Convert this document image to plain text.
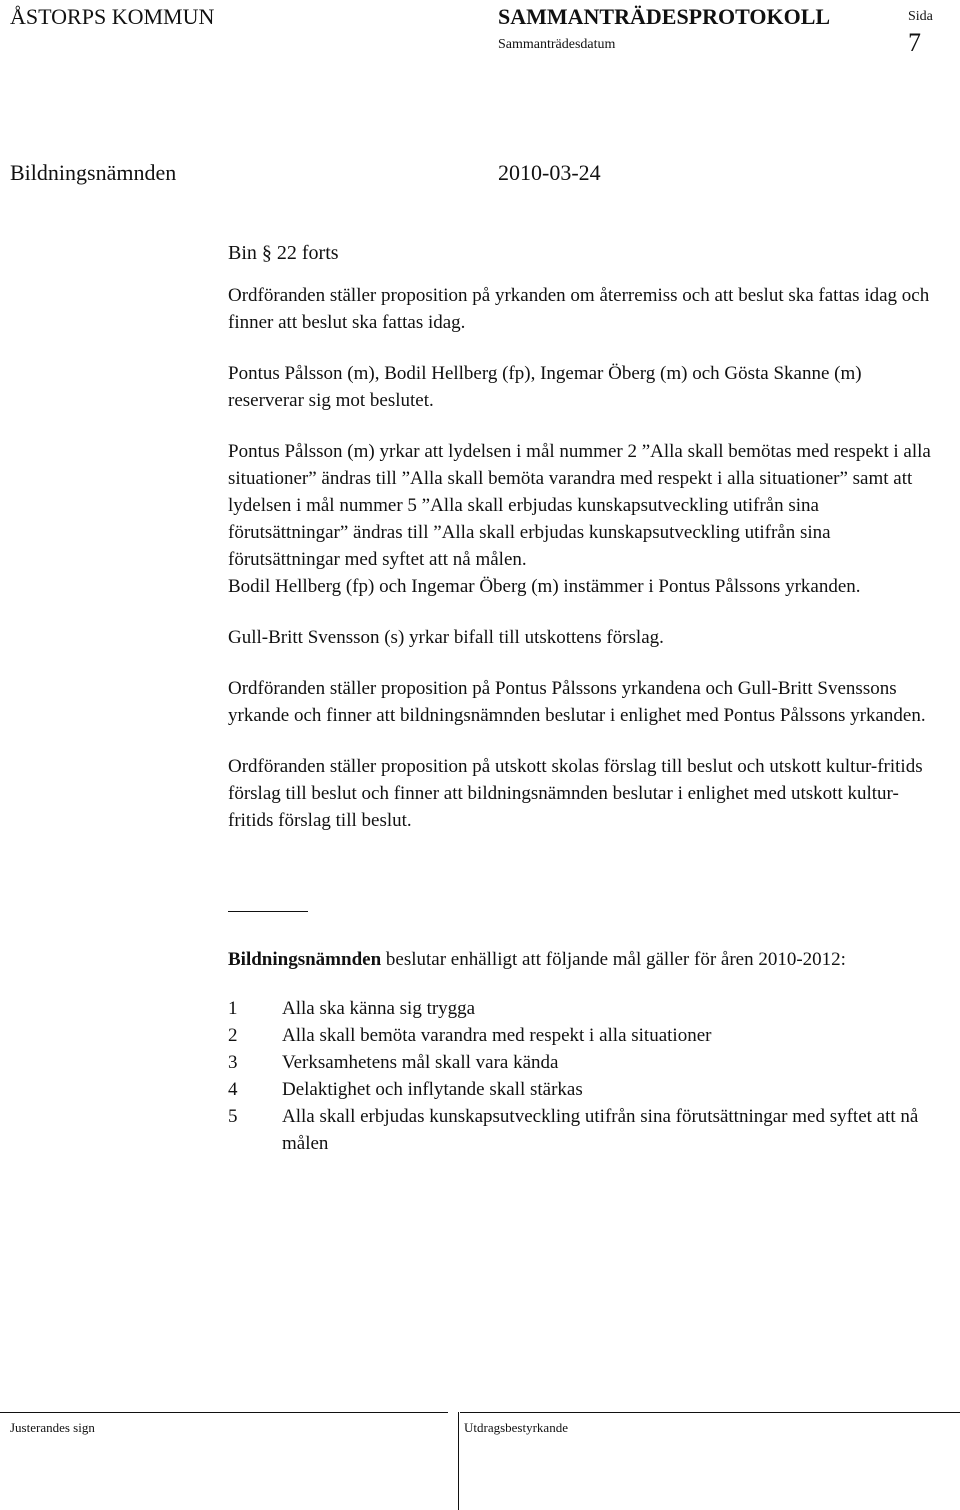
ÅSTORPS KOMMUN	SAMMANTRÄDESPROTOKOLL	Sida
Sammanträdesdatum	7
Bildningsnämnden	2010-03-24

Bin § 22 forts

Ordföranden ställer proposition på yrkanden om återremiss och att beslut ska fattas idag och finner att beslut ska fattas idag.

Pontus Pålsson (m), Bodil Hellberg (fp), Ingemar Öberg (m) och Gösta Skanne (m) reserverar sig mot beslutet.

Pontus Pålsson (m) yrkar att lydelsen i mål nummer 2 ”Alla skall bemötas med respekt i alla situationer” ändras till ”Alla skall bemöta varandra med respekt i alla situationer” samt att lydelsen i mål nummer 5 ”Alla skall erbjudas kunskapsutveckling utifrån sina förutsättningar” ändras till ”Alla skall erbjudas kunskapsutveckling utifrån sina förutsättningar med syftet att nå målen.

Bodil Hellberg (fp) och Ingemar Öberg (m) instämmer i Pontus Pålssons yrkanden.

Gull-Britt Svensson (s) yrkar bifall till utskottens förslag.

Ordföranden ställer proposition på Pontus Pålssons yrkandena och Gull-Britt Svenssons yrkande och finner att bildningsnämnden beslutar i enlighet med Pontus Pålssons yrkanden.

Ordföranden ställer proposition på utskott skolas förslag till beslut och utskott kultur-fritids förslag till beslut och finner att bildningsnämnden beslutar i enlighet med utskott kultur-fritids förslag till beslut.

Bildningsnämnden beslutar enhälligt att följande mål gäller för åren 2010-2012:

1	Alla ska känna sig trygga
2	Alla skall bemöta varandra med respekt i alla situationer
3	Verksamhetens mål skall vara kända
4	Delaktighet och inflytande skall stärkas
5	Alla skall erbjudas kunskapsutveckling utifrån sina förutsättningar med syftet att nå målen
Justerandes sign	Utdragsbestyrkande
